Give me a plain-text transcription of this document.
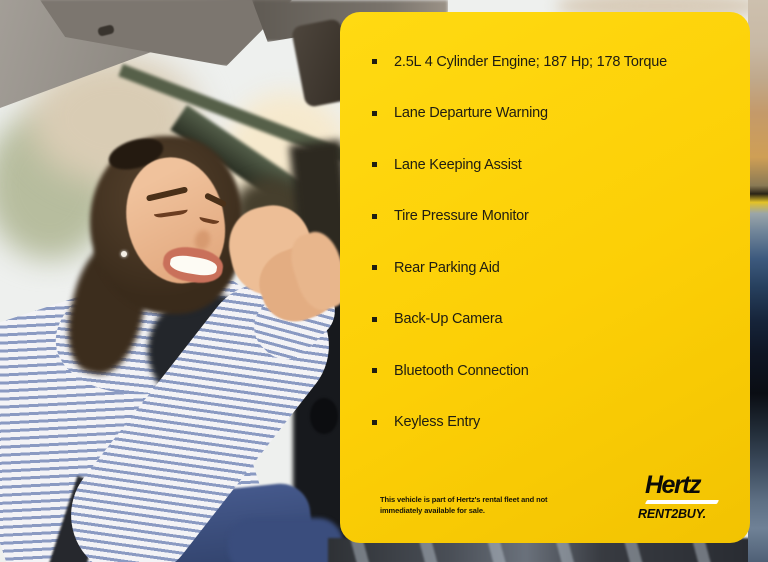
2.5L 4 Cylinder Engine; 187 Hp; 178 Torque
Lane Departure Warning
Lane Keeping Assist
Tire Pressure Monitor
Rear Parking Aid
Back-Up Camera
Bluetooth Connection
Keyless Entry
This vehicle is part of Hertz's rental fleet and not immediately available for sale.
Hertz
RENT2BUY.
